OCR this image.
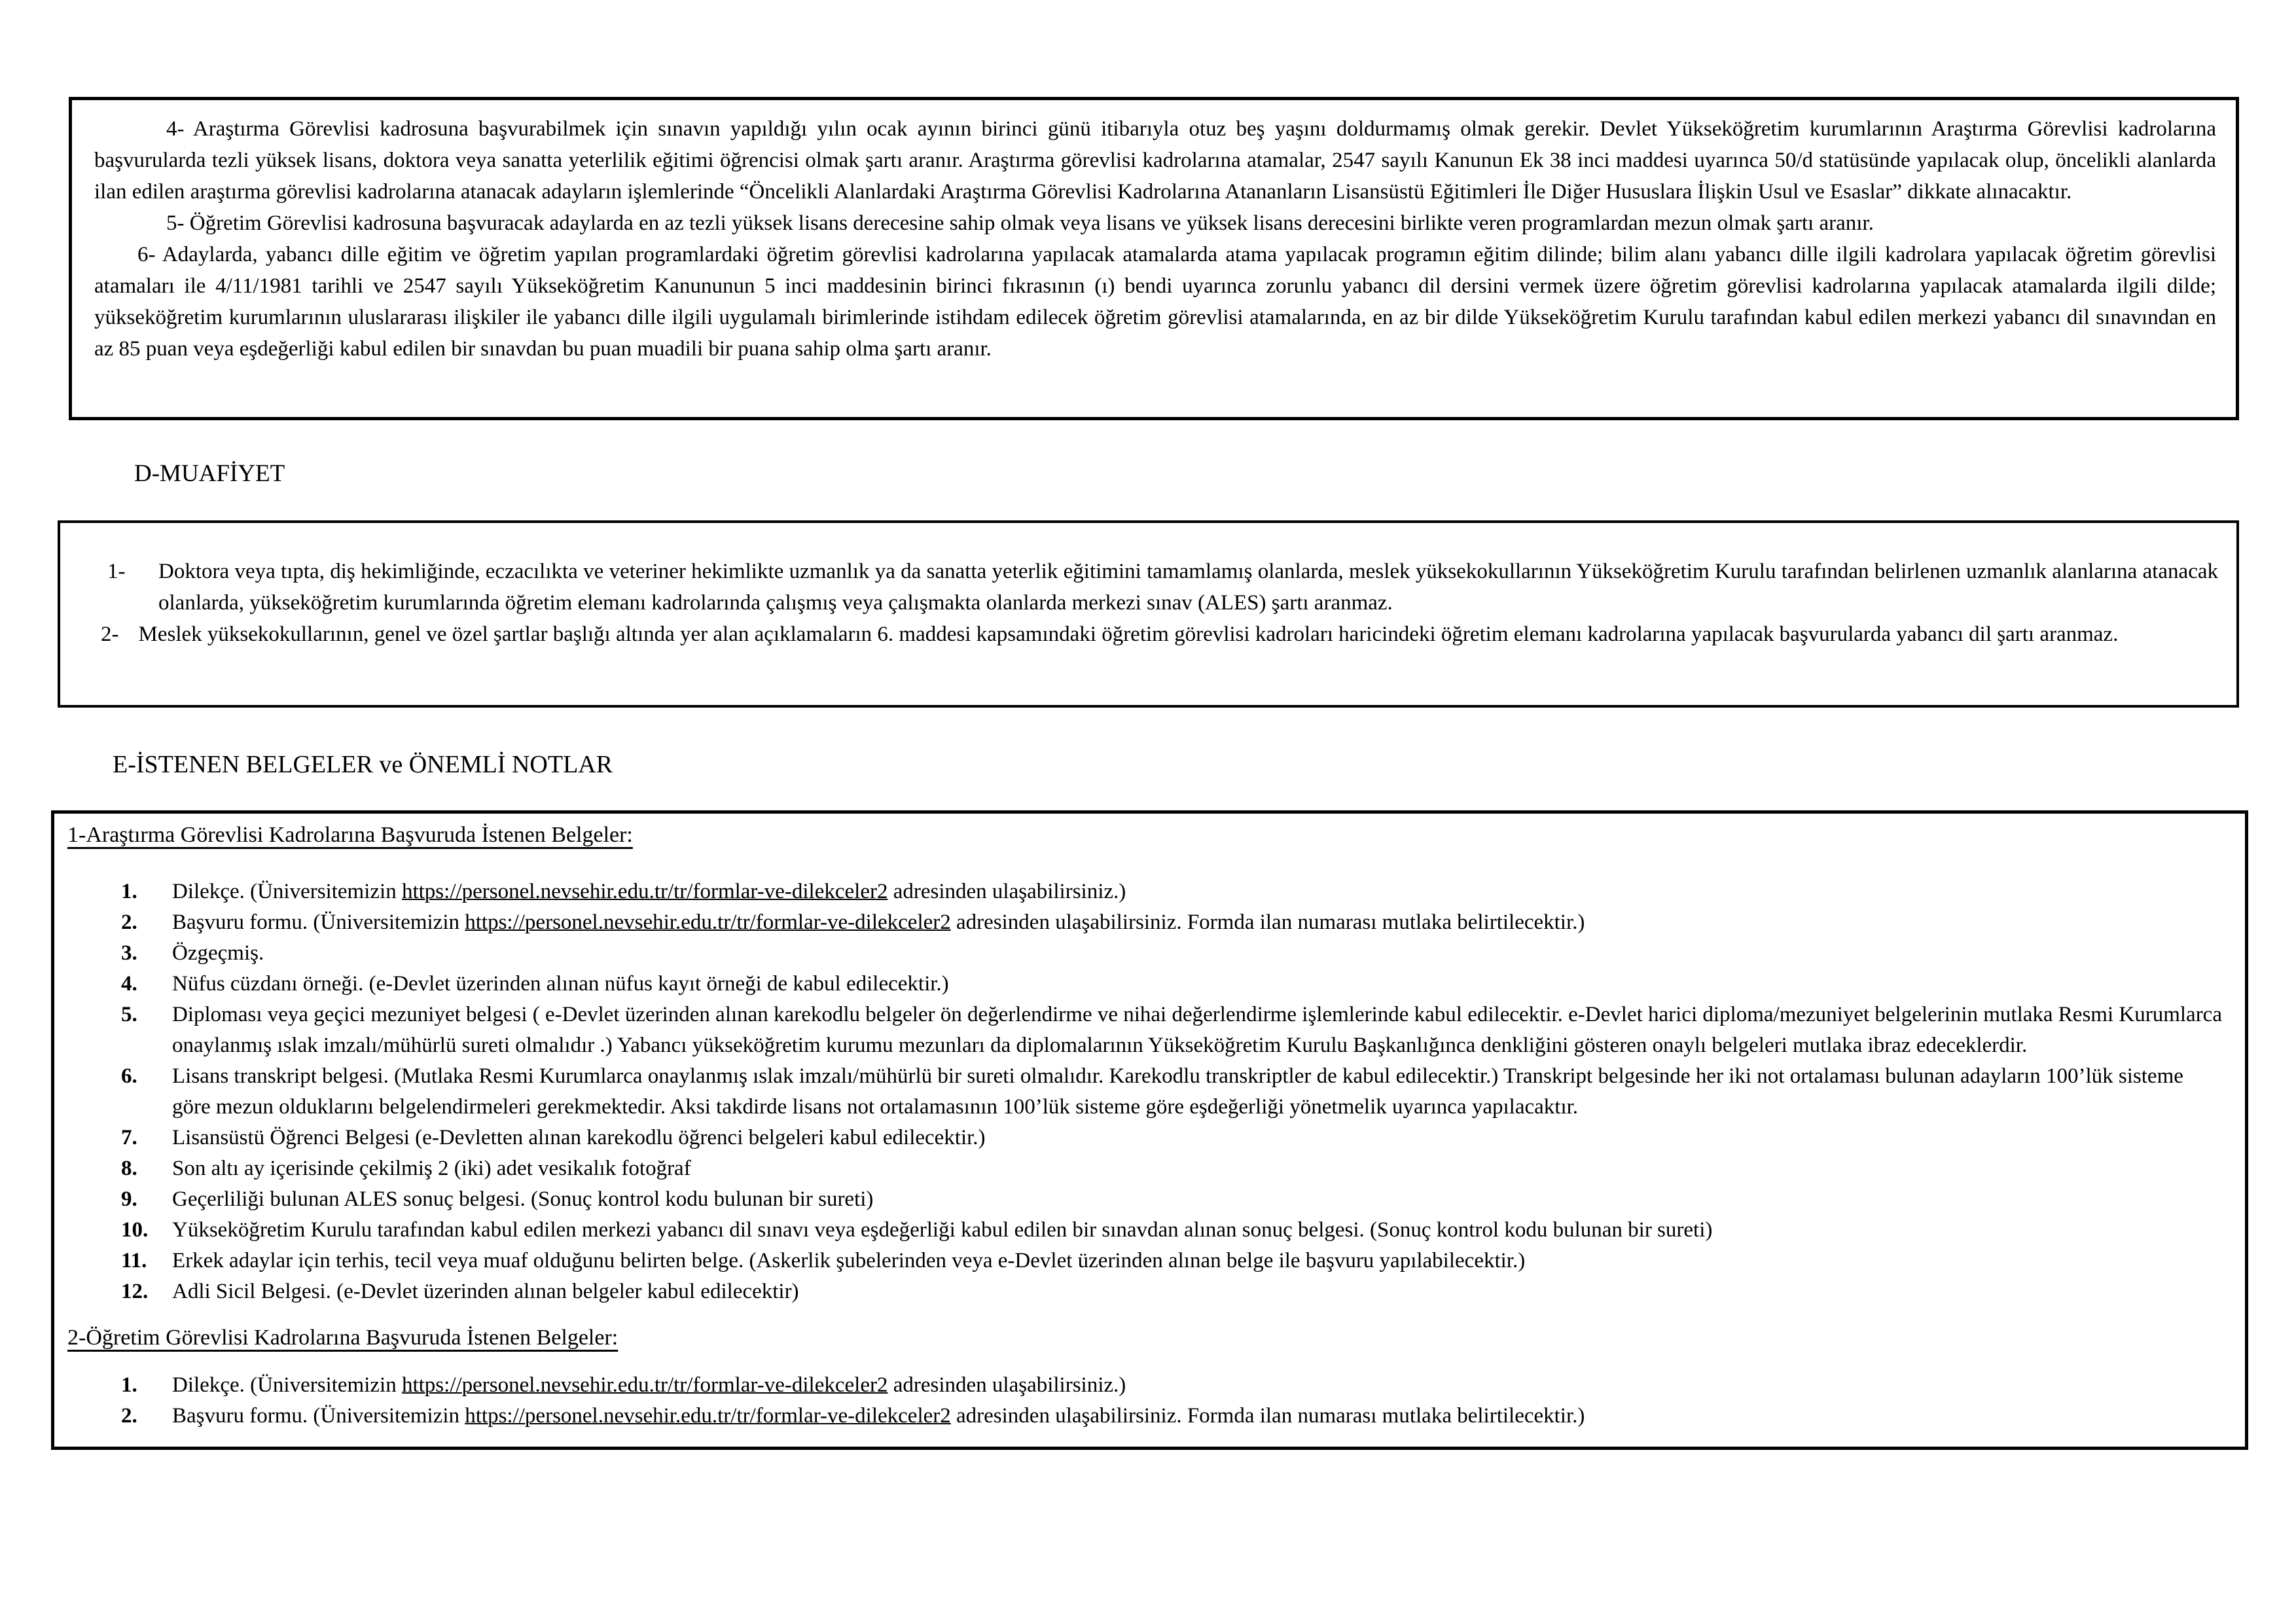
4- Araştırma Görevlisi kadrosuna başvurabilmek için sınavın yapıldığı yılın ocak ayının birinci günü itibarıyla otuz beş yaşını doldurmamış olmak gerekir. Devlet Yükseköğretim kurumlarının Araştırma Görevlisi kadrolarına başvurularda tezli yüksek lisans, doktora veya sanatta yeterlilik eğitimi öğrencisi olmak şartı aranır. Araştırma görevlisi kadrolarına atamalar, 2547 sayılı Kanunun Ek 38 inci maddesi uyarınca 50/d statüsünde yapılacak olup, öncelikli alanlarda ilan edilen araştırma görevlisi kadrolarına atanacak adayların işlemlerinde “Öncelikli Alanlardaki Araştırma Görevlisi Kadrolarına Atananların Lisansüstü Eğitimleri İle Diğer Hususlara İlişkin Usul ve Esaslar” dikkate alınacaktır.
5- Öğretim Görevlisi kadrosuna başvuracak adaylarda en az tezli yüksek lisans derecesine sahip olmak veya lisans ve yüksek lisans derecesini birlikte veren programlardan mezun olmak şartı aranır.
6- Adaylarda, yabancı dille eğitim ve öğretim yapılan programlardaki öğretim görevlisi kadrolarına yapılacak atamalarda atama yapılacak programın eğitim dilinde; bilim alanı yabancı dille ilgili kadrolara yapılacak öğretim görevlisi atamaları ile 4/11/1981 tarihli ve 2547 sayılı Yükseköğretim Kanununun 5 inci maddesinin birinci fıkrasının (ı) bendi uyarınca zorunlu yabancı dil dersini vermek üzere öğretim görevlisi kadrolarına yapılacak atamalarda ilgili dilde; yükseköğretim kurumlarının uluslararası ilişkiler ile yabancı dille ilgili uygulamalı birimlerinde istihdam edilecek öğretim görevlisi atamalarında, en az bir dilde Yükseköğretim Kurulu tarafından kabul edilen merkezi yabancı dil sınavından en az 85 puan veya eşdeğerliği kabul edilen bir sınavdan bu puan muadili bir puana sahip olma şartı aranır.
D-MUAFİYET
1-	Doktora veya tıpta, diş hekimliğinde, eczacılıkta ve veteriner hekimlikte uzmanlık ya da sanatta yeterlik eğitimini tamamlamış olanlarda, meslek yüksekokullarının Yükseköğretim Kurulu tarafından belirlenen uzmanlık alanlarına atanacak olanlarda, yükseköğretim kurumlarında öğretim elemanı kadrolarında çalışmış veya çalışmakta olanlarda merkezi sınav (ALES) şartı aranmaz.
2- Meslek yüksekokullarının, genel ve özel şartlar başlığı altında yer alan açıklamaların 6. maddesi kapsamındaki öğretim görevlisi kadroları haricindeki öğretim elemanı kadrolarına yapılacak başvurularda yabancı dil şartı aranmaz.
E-İSTENEN BELGELER ve ÖNEMLİ NOTLAR
1-Araştırma Görevlisi Kadrolarına Başvuruda İstenen Belgeler:
1.	Dilekçe. (Üniversitemizin https://personel.nevsehir.edu.tr/tr/formlar-ve-dilekceler2 adresinden ulaşabilirsiniz.)
2.	Başvuru formu. (Üniversitemizin https://personel.nevsehir.edu.tr/tr/formlar-ve-dilekceler2 adresinden ulaşabilirsiniz. Formda ilan numarası mutlaka belirtilecektir.)
3.	Özgeçmiş.
4.	Nüfus cüzdanı örneği. (e-Devlet üzerinden alınan nüfus kayıt örneği de kabul edilecektir.)
5.	Diploması veya geçici mezuniyet belgesi ( e-Devlet üzerinden alınan karekodlu belgeler ön değerlendirme ve nihai değerlendirme işlemlerinde kabul edilecektir. e-Devlet harici diploma/mezuniyet belgelerinin mutlaka Resmi Kurumlarca onaylanmış ıslak imzalı/mühürlü sureti olmalıdır .) Yabancı yükseköğretim kurumu mezunları da diplomalarının Yükseköğretim Kurulu Başkanlığınca denkliğini gösteren onaylı belgeleri mutlaka ibraz edeceklerdir.
6.	Lisans transkript belgesi. (Mutlaka Resmi Kurumlarca onaylanmış ıslak imzalı/mühürlü bir sureti olmalıdır. Karekodlu transkriptler de kabul edilecektir.) Transkript belgesinde her iki not ortalaması bulunan adayların 100’lük sisteme göre mezun olduklarını belgelendirmeleri gerekmektedir. Aksi takdirde lisans not ortalamasının 100’lük sisteme göre eşdeğerliği yönetmelik uyarınca yapılacaktır.
7.	Lisansüstü Öğrenci Belgesi (e-Devletten alınan karekodlu öğrenci belgeleri kabul edilecektir.)
8.	Son altı ay içerisinde çekilmiş 2 (iki) adet vesikalık fotoğraf
9.	Geçerliliği bulunan ALES sonuç belgesi. (Sonuç kontrol kodu bulunan bir sureti)
10.	Yükseköğretim Kurulu tarafından kabul edilen merkezi yabancı dil sınavı veya eşdeğerliği kabul edilen bir sınavdan alınan sonuç belgesi. (Sonuç kontrol kodu bulunan bir sureti)
11.	Erkek adaylar için terhis, tecil veya muaf olduğunu belirten belge. (Askerlik şubelerinden veya e-Devlet üzerinden alınan belge ile başvuru yapılabilecektir.)
12.	Adli Sicil Belgesi. (e-Devlet üzerinden alınan belgeler kabul edilecektir)
2-Öğretim Görevlisi Kadrolarına Başvuruda İstenen Belgeler:
1.	Dilekçe. (Üniversitemizin https://personel.nevsehir.edu.tr/tr/formlar-ve-dilekceler2 adresinden ulaşabilirsiniz.)
2.	Başvuru formu. (Üniversitemizin https://personel.nevsehir.edu.tr/tr/formlar-ve-dilekceler2 adresinden ulaşabilirsiniz. Formda ilan numarası mutlaka belirtilecektir.)
